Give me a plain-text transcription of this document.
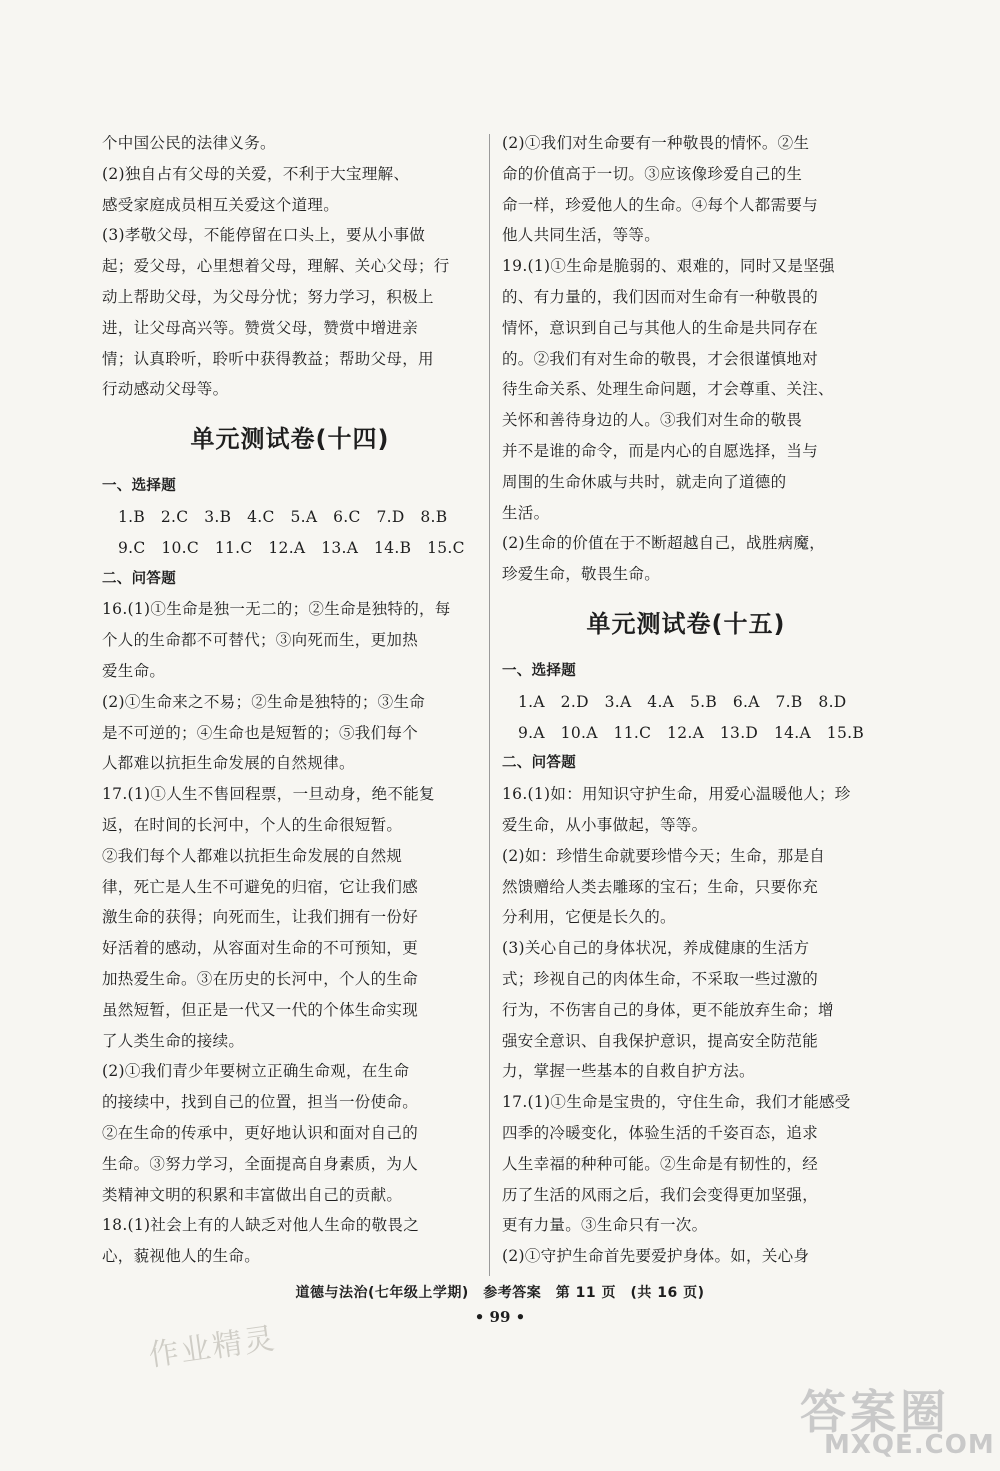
个中国公民的法律义务。
(2)独自占有父母的关爱，不利于大宝理解、
感受家庭成员相互关爱这个道理。
(3)孝敬父母，不能停留在口头上，要从小事做
起；爱父母，心里想着父母，理解、关心父母；行
动上帮助父母，为父母分忧；努力学习，积极上
进，让父母高兴等。赞赏父母，赞赏中增进亲
情；认真聆听，聆听中获得教益；帮助父母，用
行动感动父母等。
单元测试卷(十四)
一、选择题
1.B　2.C　3.B　4.C　5.A　6.C　7.D　8.B
9.C　10.C　11.C　12.A　13.A　14.B　15.C
二、问答题
16.(1)①生命是独一无二的；②生命是独特的，每
个人的生命都不可替代；③向死而生，更加热
爱生命。
(2)①生命来之不易；②生命是独特的；③生命
是不可逆的；④生命也是短暂的；⑤我们每个
人都难以抗拒生命发展的自然规律。
17.(1)①人生不售回程票，一旦动身，绝不能复
返，在时间的长河中，个人的生命很短暂。
②我们每个人都难以抗拒生命发展的自然规
律，死亡是人生不可避免的归宿，它让我们感
激生命的获得；向死而生，让我们拥有一份好
好活着的感动，从容面对生命的不可预知，更
加热爱生命。③在历史的长河中，个人的生命
虽然短暂，但正是一代又一代的个体生命实现
了人类生命的接续。
(2)①我们青少年要树立正确生命观，在生命
的接续中，找到自己的位置，担当一份使命。
②在生命的传承中，更好地认识和面对自己的
生命。③努力学习，全面提高自身素质，为人
类精神文明的积累和丰富做出自己的贡献。
18.(1)社会上有的人缺乏对他人生命的敬畏之
心，藐视他人的生命。
(2)①我们对生命要有一种敬畏的情怀。②生
命的价值高于一切。③应该像珍爱自己的生
命一样，珍爱他人的生命。④每个人都需要与
他人共同生活，等等。
19.(1)①生命是脆弱的、艰难的，同时又是坚强
的、有力量的，我们因而对生命有一种敬畏的
情怀，意识到自己与其他人的生命是共同存在
的。②我们有对生命的敬畏，才会很谨慎地对
待生命关系、处理生命问题，才会尊重、关注、
关怀和善待身边的人。③我们对生命的敬畏
并不是谁的命令，而是内心的自愿选择，当与
周围的生命休戚与共时，就走向了道德的
生活。
(2)生命的价值在于不断超越自己，战胜病魔，
珍爱生命，敬畏生命。
单元测试卷(十五)
一、选择题
1.A　2.D　3.A　4.A　5.B　6.A　7.B　8.D
9.A　10.A　11.C　12.A　13.D　14.A　15.B
二、问答题
16.(1)如：用知识守护生命，用爱心温暖他人；珍
爱生命，从小事做起，等等。
(2)如：珍惜生命就要珍惜今天；生命，那是自
然馈赠给人类去雕琢的宝石；生命，只要你充
分利用，它便是长久的。
(3)关心自己的身体状况，养成健康的生活方
式；珍视自己的肉体生命，不采取一些过激的
行为，不伤害自己的身体，更不能放弃生命；增
强安全意识、自我保护意识，提高安全防范能
力，掌握一些基本的自救自护方法。
17.(1)①生命是宝贵的，守住生命，我们才能感受
四季的冷暖变化，体验生活的千姿百态，追求
人生幸福的种种可能。②生命是有韧性的，经
历了生活的风雨之后，我们会变得更加坚强，
更有力量。③生命只有一次。
(2)①守护生命首先要爱护身体。如，关心身
道德与法治(七年级上学期)　参考答案　第 11 页　(共 16 页)
• 99 •
作业精灵
答案圈
MXQE.COM
